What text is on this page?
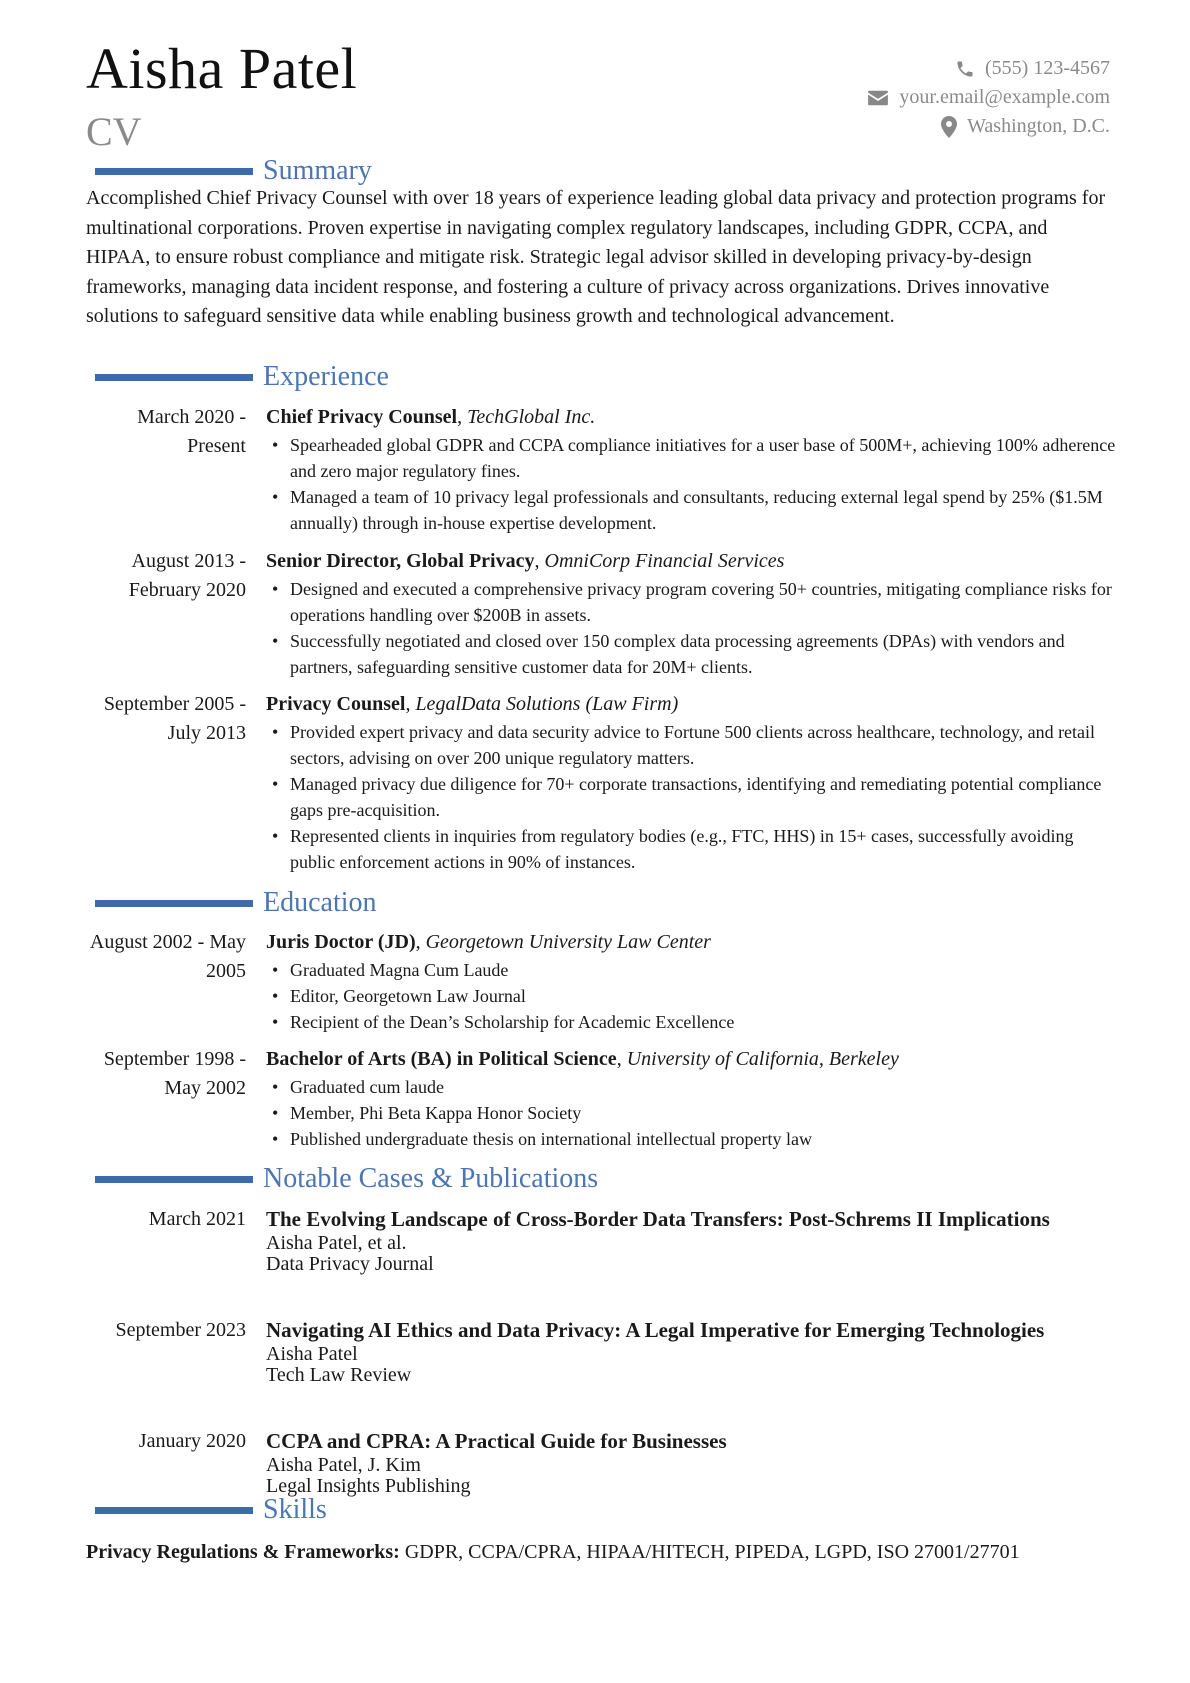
Aisha Patel
CV
(555) 123-4567
your.email@example.com
Washington, D.C.
Summary
Accomplished Chief Privacy Counsel with over 18 years of experience leading global data privacy and protection programs for multinational corporations. Proven expertise in navigating complex regulatory landscapes, including GDPR, CCPA, and HIPAA, to ensure robust compliance and mitigate risk. Strategic legal advisor skilled in developing privacy-by-design frameworks, managing data incident response, and fostering a culture of privacy across organizations. Drives innovative solutions to safeguard sensitive data while enabling business growth and technological advancement.
Experience
March 2020 - Present
Chief Privacy Counsel, TechGlobal Inc.
• Spearheaded global GDPR and CCPA compliance initiatives for a user base of 500M+, achieving 100% adherence and zero major regulatory fines.
• Managed a team of 10 privacy legal professionals and consultants, reducing external legal spend by 25% ($1.5M annually) through in-house expertise development.
August 2013 - February 2020
Senior Director, Global Privacy, OmniCorp Financial Services
• Designed and executed a comprehensive privacy program covering 50+ countries, mitigating compliance risks for operations handling over $200B in assets.
• Successfully negotiated and closed over 150 complex data processing agreements (DPAs) with vendors and partners, safeguarding sensitive customer data for 20M+ clients.
September 2005 - July 2013
Privacy Counsel, LegalData Solutions (Law Firm)
• Provided expert privacy and data security advice to Fortune 500 clients across healthcare, technology, and retail sectors, advising on over 200 unique regulatory matters.
• Managed privacy due diligence for 70+ corporate transactions, identifying and remediating potential compliance gaps pre-acquisition.
• Represented clients in inquiries from regulatory bodies (e.g., FTC, HHS) in 15+ cases, successfully avoiding public enforcement actions in 90% of instances.
Education
August 2002 - May 2005
Juris Doctor (JD), Georgetown University Law Center
• Graduated Magna Cum Laude
• Editor, Georgetown Law Journal
• Recipient of the Dean’s Scholarship for Academic Excellence
September 1998 - May 2002
Bachelor of Arts (BA) in Political Science, University of California, Berkeley
• Graduated cum laude
• Member, Phi Beta Kappa Honor Society
• Published undergraduate thesis on international intellectual property law
Notable Cases & Publications
March 2021 The Evolving Landscape of Cross-Border Data Transfers: Post-Schrems II Implications
Aisha Patel, et al.
Data Privacy Journal
September 2023 Navigating AI Ethics and Data Privacy: A Legal Imperative for Emerging Technologies
Aisha Patel
Tech Law Review
January 2020 CCPA and CPRA: A Practical Guide for Businesses
Aisha Patel, J. Kim
Legal Insights Publishing
Skills
Privacy Regulations & Frameworks: GDPR, CCPA/CPRA, HIPAA/HITECH, PIPEDA, LGPD, ISO 27001/27701
